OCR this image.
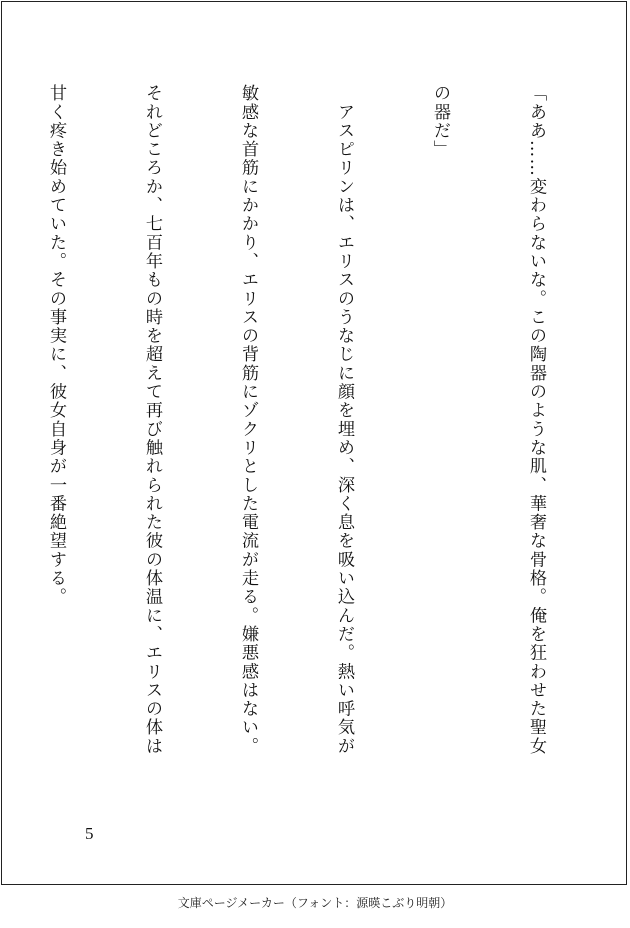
「ああ……変わらないな。この陶器のような肌、華奢な骨格。俺を狂わせた聖女

の器だ」

　アスピリンは、エリスのうなじに顔を埋め、深く息を吸い込んだ。熱い呼気が

敏感な首筋にかかり、エリスの背筋にゾクリとした電流が走る。嫌悪感はない。

それどころか、七百年もの時を超えて再び触れられた彼の体温に、エリスの体は

甘く疼き始めていた。その事実に、彼女自身が一番絶望する。

5
文庫ページメーカー（フォント：源暎こぶり明朝）
